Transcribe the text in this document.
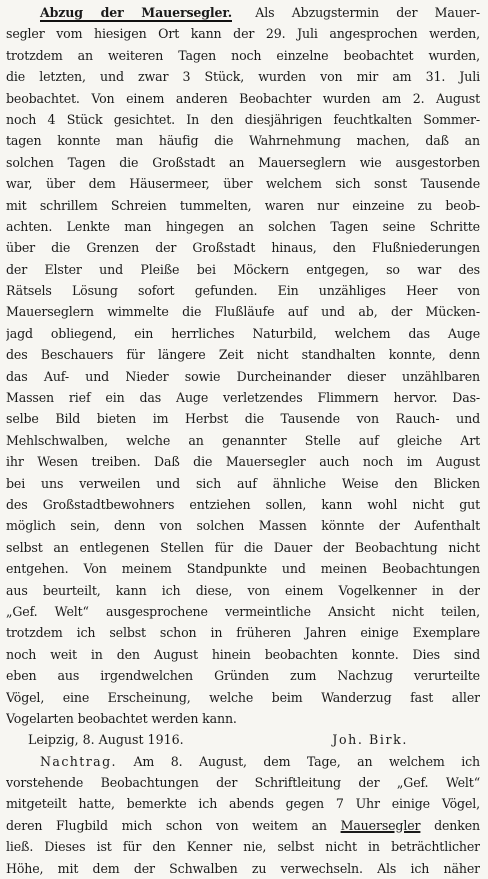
Abzug der Mauersegler. Als Abzugstermin der Mauer-
segler vom hiesigen Ort kann der 29. Juli angesprochen werden,
trotzdem an weiteren Tagen noch einzelne beobachtet wurden,
die letzten, und zwar 3 Stück, wurden von mir am 31. Juli
beobachtet. Von einem anderen Beobachter wurden am 2. August
noch 4 Stück gesichtet. In den diesjährigen feuchtkalten Sommer-
tagen konnte man häufig die Wahrnehmung machen, daß an
solchen Tagen die Großstadt an Mauerseglern wie ausgestorben
war, über dem Häusermeer, über welchem sich sonst Tausende
mit schrillem Schreien tummelten, waren nur einzeine zu beob-
achten. Lenkte man hingegen an solchen Tagen seine Schritte
über die Grenzen der Großstadt hinaus, den Flußniederungen
der Elster und Pleiße bei Möckern entgegen, so war des
Rätsels Lösung sofort gefunden. Ein unzähliges Heer von
Mauerseglern wimmelte die Flußläufe auf und ab, der Mücken-
jagd obliegend, ein herrliches Naturbild, welchem das Auge
des Beschauers für längere Zeit nicht standhalten konnte, denn
das Auf- und Nieder sowie Durcheinander dieser unzählbaren
Massen rief ein das Auge verletzendes Flimmern hervor. Das-
selbe Bild bieten im Herbst die Tausende von Rauch- und
Mehlschwalben, welche an genannter Stelle auf gleiche Art
ihr Wesen treiben. Daß die Mauersegler auch noch im August
bei uns verweilen und sich auf ähnliche Weise den Blicken
des Großstadtbewohners entziehen sollen, kann wohl nicht gut
möglich sein, denn von solchen Massen könnte der Aufenthalt
selbst an entlegenen Stellen für die Dauer der Beobachtung nicht
entgehen. Von meinem Standpunkte und meinen Beobachtungen
aus beurteilt, kann ich diese, von einem Vogelkenner in der
„Gef. Welt“ ausgesprochene vermeintliche Ansicht nicht teilen,
trotzdem ich selbst schon in früheren Jahren einige Exemplare
noch weit in den August hinein beobachten konnte. Dies sind
eben aus irgendwelchen Gründen zum Nachzug verurteilte
Vögel, eine Erscheinung, welche beim Wanderzug fast aller
Vogelarten beobachtet werden kann.
Leipzig, 8. August 1916.	Joh. Birk.
Nachtrag. Am 8. August, dem Tage, an welchem ich
vorstehende Beobachtungen der Schriftleitung der „Gef. Welt“
mitgeteilt hatte, bemerkte ich abends gegen 7 Uhr einige Vögel,
deren Flugbild mich schon von weitem an Mauersegler denken
ließ. Dieses ist für den Kenner nie, selbst nicht in beträchtlicher
Höhe, mit dem der Schwalben zu verwechseln. Als ich näher
